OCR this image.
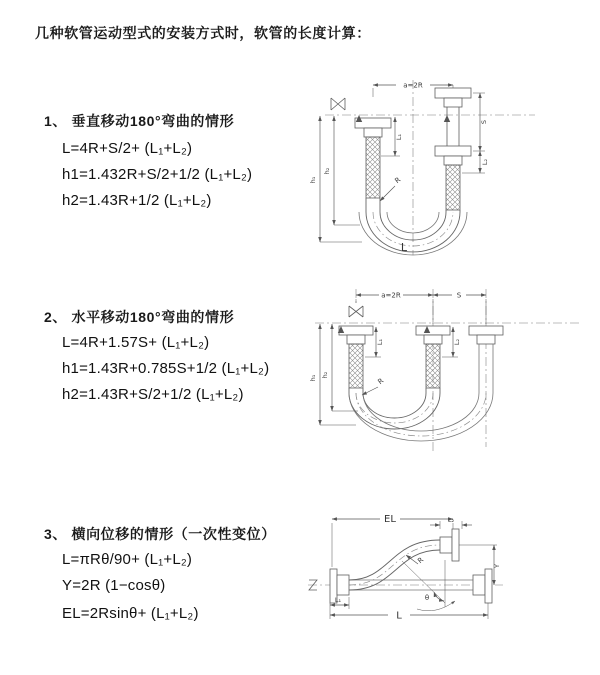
几种软管运动型式的安装方式时，软管的长度计算：
1、 垂直移动180°弯曲的情形
L=4R+S/2+ (L₁+L₂)
h1=1.432R+S/2+1/2 (L₁+L₂)
h2=1.43R+1/2 (L₁+L₂)
2、 水平移动180°弯曲的情形
L=4R+1.57S+ (L₁+L₂)
h1=1.43R+0.785S+1/2 (L₁+L₂)
h2=1.43R+S/2+1/2 (L₁+L₂)
3、 横向位移的情形（一次性变位）
L=πRθ/90+ (L₁+L₂)
Y=2R (1−cosθ)
EL=2Rsinθ+ (L₁+L₂)
a=2R
L₁
S
L₂
h₁
h₂
R
L
a=2R	S
h₁ h₂
L₁	L₂
R
EL	L₂
R
θ
Y
L₁
L
